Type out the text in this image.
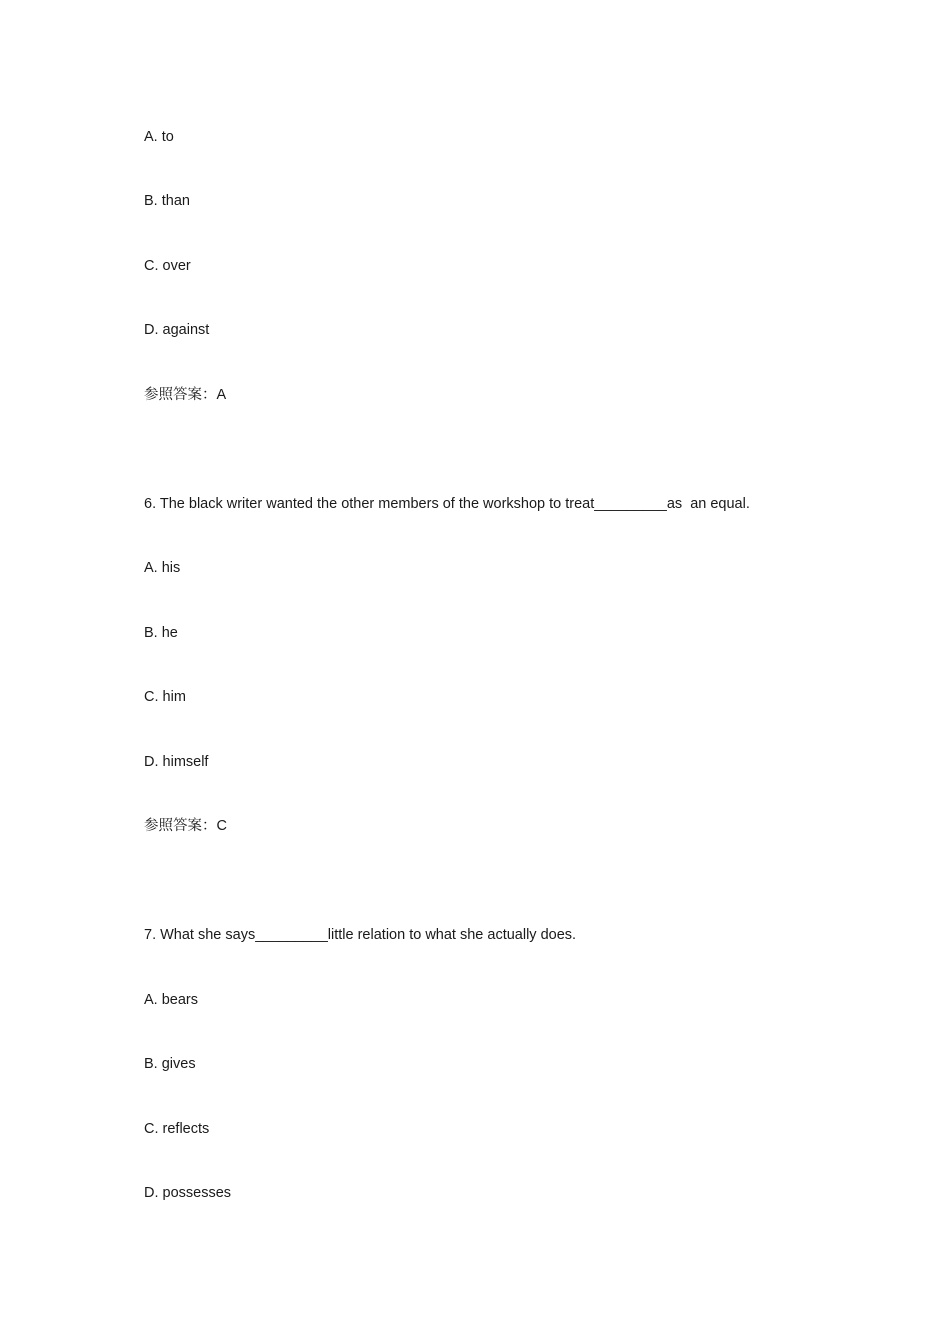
A. to
B. than
C. over
D. against
参照答案：A
6. The black writer wanted the other members of the workshop to treat_________as  an equal.
A. his
B. he
C. him
D. himself
参照答案：C
7. What she says_________little relation to what she actually does.
A. bears
B. gives
C. reflects
D. possesses
